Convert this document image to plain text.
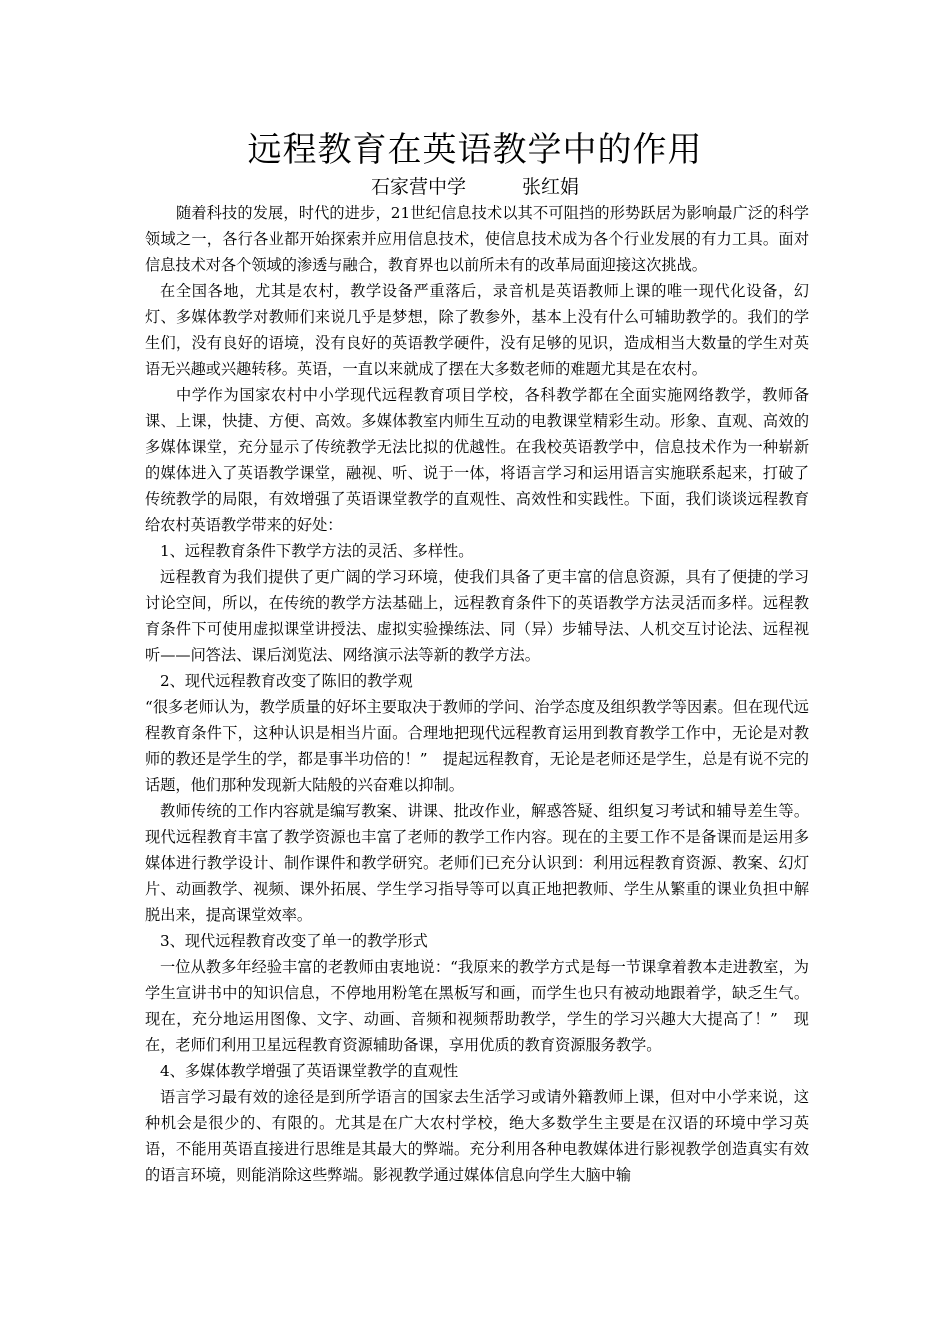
远程教育在英语教学中的作用
石家营中学	张红娟

随着科技的发展，时代的进步，21世纪信息技术以其不可阻挡的形势跃居为影响最广泛的科学领域之一，各行各业都开始探索并应用信息技术，使信息技术成为各个行业发展的有力工具。面对信息技术对各个领域的渗透与融合，教育界也以前所未有的改革局面迎接这次挑战。

在全国各地，尤其是农村，教学设备严重落后，录音机是英语教师上课的唯一现代化设备，幻灯、多媒体教学对教师们来说几乎是梦想，除了教参外，基本上没有什么可辅助教学的。我们的学生们，没有良好的语境，没有良好的英语教学硬件，没有足够的见识，造成相当大数量的学生对英语无兴趣或兴趣转移。英语，一直以来就成了摆在大多数老师的难题尤其是在农村。

中学作为国家农村中小学现代远程教育项目学校，各科教学都在全面实施网络教学，教师备课、上课，快捷、方便、高效。多媒体教室内师生互动的电教课堂精彩生动。形象、直观、高效的多媒体课堂，充分显示了传统教学无法比拟的优越性。在我校英语教学中，信息技术作为一种崭新的媒体进入了英语教学课堂，融视、听、说于一体，将语言学习和运用语言实施联系起来，打破了传统教学的局限，有效增强了英语课堂教学的直观性、高效性和实践性。下面，我们谈谈远程教育给农村英语教学带来的好处：

1、远程教育条件下教学方法的灵活、多样性。

远程教育为我们提供了更广阔的学习环境，使我们具备了更丰富的信息资源，具有了便捷的学习讨论空间，所以，在传统的教学方法基础上，远程教育条件下的英语教学方法灵活而多样。远程教育条件下可使用虚拟课堂讲授法、虚拟实验操练法、同（异）步辅导法、人机交互讨论法、远程视听——问答法、课后浏览法、网络演示法等新的教学方法。

2、现代远程教育改变了陈旧的教学观

“很多老师认为，教学质量的好坏主要取决于教师的学问、治学态度及组织教学等因素。但在现代远程教育条件下，这种认识是相当片面。合理地把现代远程教育运用到教育教学工作中，无论是对教师的教还是学生的学，都是事半功倍的！”　提起远程教育，无论是老师还是学生，总是有说不完的话题，他们那种发现新大陆般的兴奋难以抑制。

教师传统的工作内容就是编写教案、讲课、批改作业，解惑答疑、组织复习考试和辅导差生等。现代远程教育丰富了教学资源也丰富了老师的教学工作内容。现在的主要工作不是备课而是运用多媒体进行教学设计、制作课件和教学研究。老师们已充分认识到：利用远程教育资源、教案、幻灯片、动画教学、视频、课外拓展、学生学习指导等可以真正地把教师、学生从繁重的课业负担中解脱出来，提高课堂效率。

3、现代远程教育改变了单一的教学形式

一位从教多年经验丰富的老教师由衷地说：“我原来的教学方式是每一节课拿着教本走进教室，为学生宣讲书中的知识信息，不停地用粉笔在黑板写和画，而学生也只有被动地跟着学，缺乏生气。现在，充分地运用图像、文字、动画、音频和视频帮助教学，学生的学习兴趣大大提高了！”　现在，老师们利用卫星远程教育资源辅助备课，享用优质的教育资源服务教学。

4、多媒体教学增强了英语课堂教学的直观性

语言学习最有效的途径是到所学语言的国家去生活学习或请外籍教师上课，但对中小学来说，这种机会是很少的、有限的。尤其是在广大农村学校，绝大多数学生主要是在汉语的环境中学习英语，不能用英语直接进行思维是其最大的弊端。充分利用各种电教媒体进行影视教学创造真实有效的语言环境，则能消除这些弊端。影视教学通过媒体信息向学生大脑中输
